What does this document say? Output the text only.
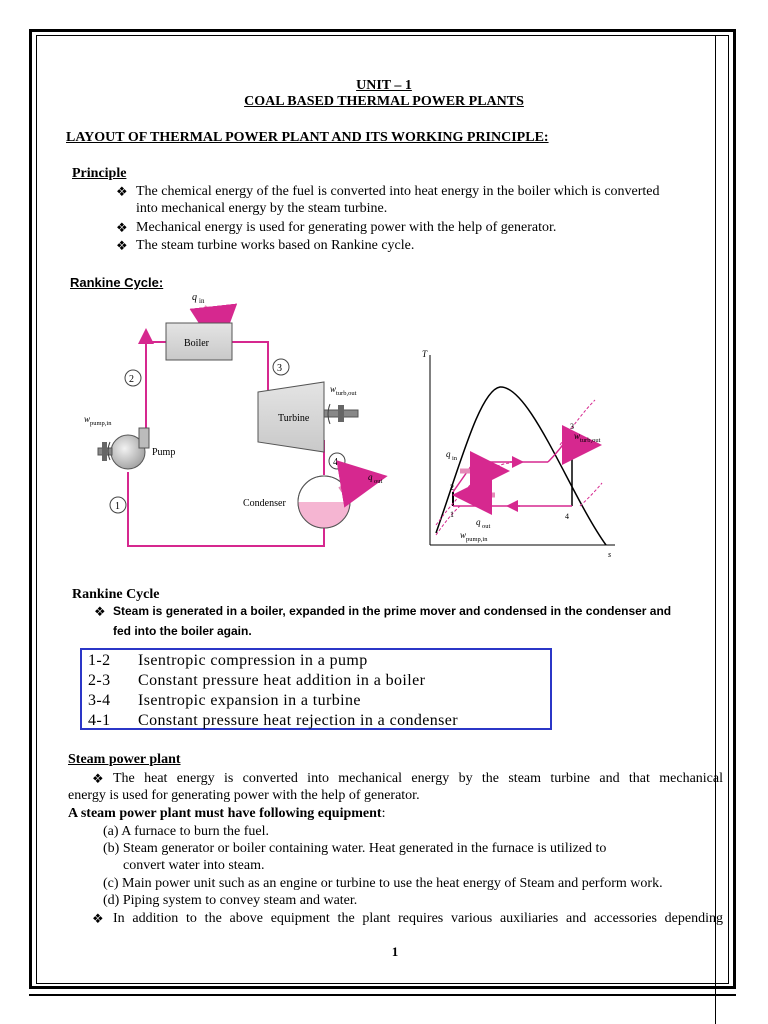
UNIT – 1
COAL BASED THERMAL POWER PLANTS
LAYOUT OF THERMAL POWER PLANT AND ITS WORKING PRINCIPLE:
Principle
❖ The chemical energy of the fuel is converted into heat energy in the boiler which is converted
into mechanical energy by the steam turbine.
❖ Mechanical energy is used for generating power with the help of generator.
❖ The steam turbine works based on Rankine cycle.
Rankine Cycle:
q in
Boiler
2
3
4
1
Turbine
w turb,out
Pump
w pump,in
Condenser
q out
T
s
q in
q out
w turb,out
w pump,in
2
1
3
4
Rankine Cycle
❖ Steam is generated in a boiler, expanded in the prime mover and condensed in the condenser and
fed into the boiler again.
1-2 Isentropic compression in a pump
2-3 Constant pressure heat addition in a boiler
3-4 Isentropic expansion in a turbine
4-1 Constant pressure heat rejection in a condenser
Steam power plant
❖ The heat energy is converted into mechanical energy by the steam turbine and that mechanical
energy is used for generating power with the help of generator.
A steam power plant must have following equipment:
(a) A furnace to burn the fuel.
(b) Steam generator or boiler containing water. Heat generated in the furnace is utilized to
convert water into steam.
(c) Main power unit such as an engine or turbine to use the heat energy of Steam and perform work.
(d) Piping system to convey steam and water.
❖ In addition to the above equipment the plant requires various auxiliaries and accessories depending
1
